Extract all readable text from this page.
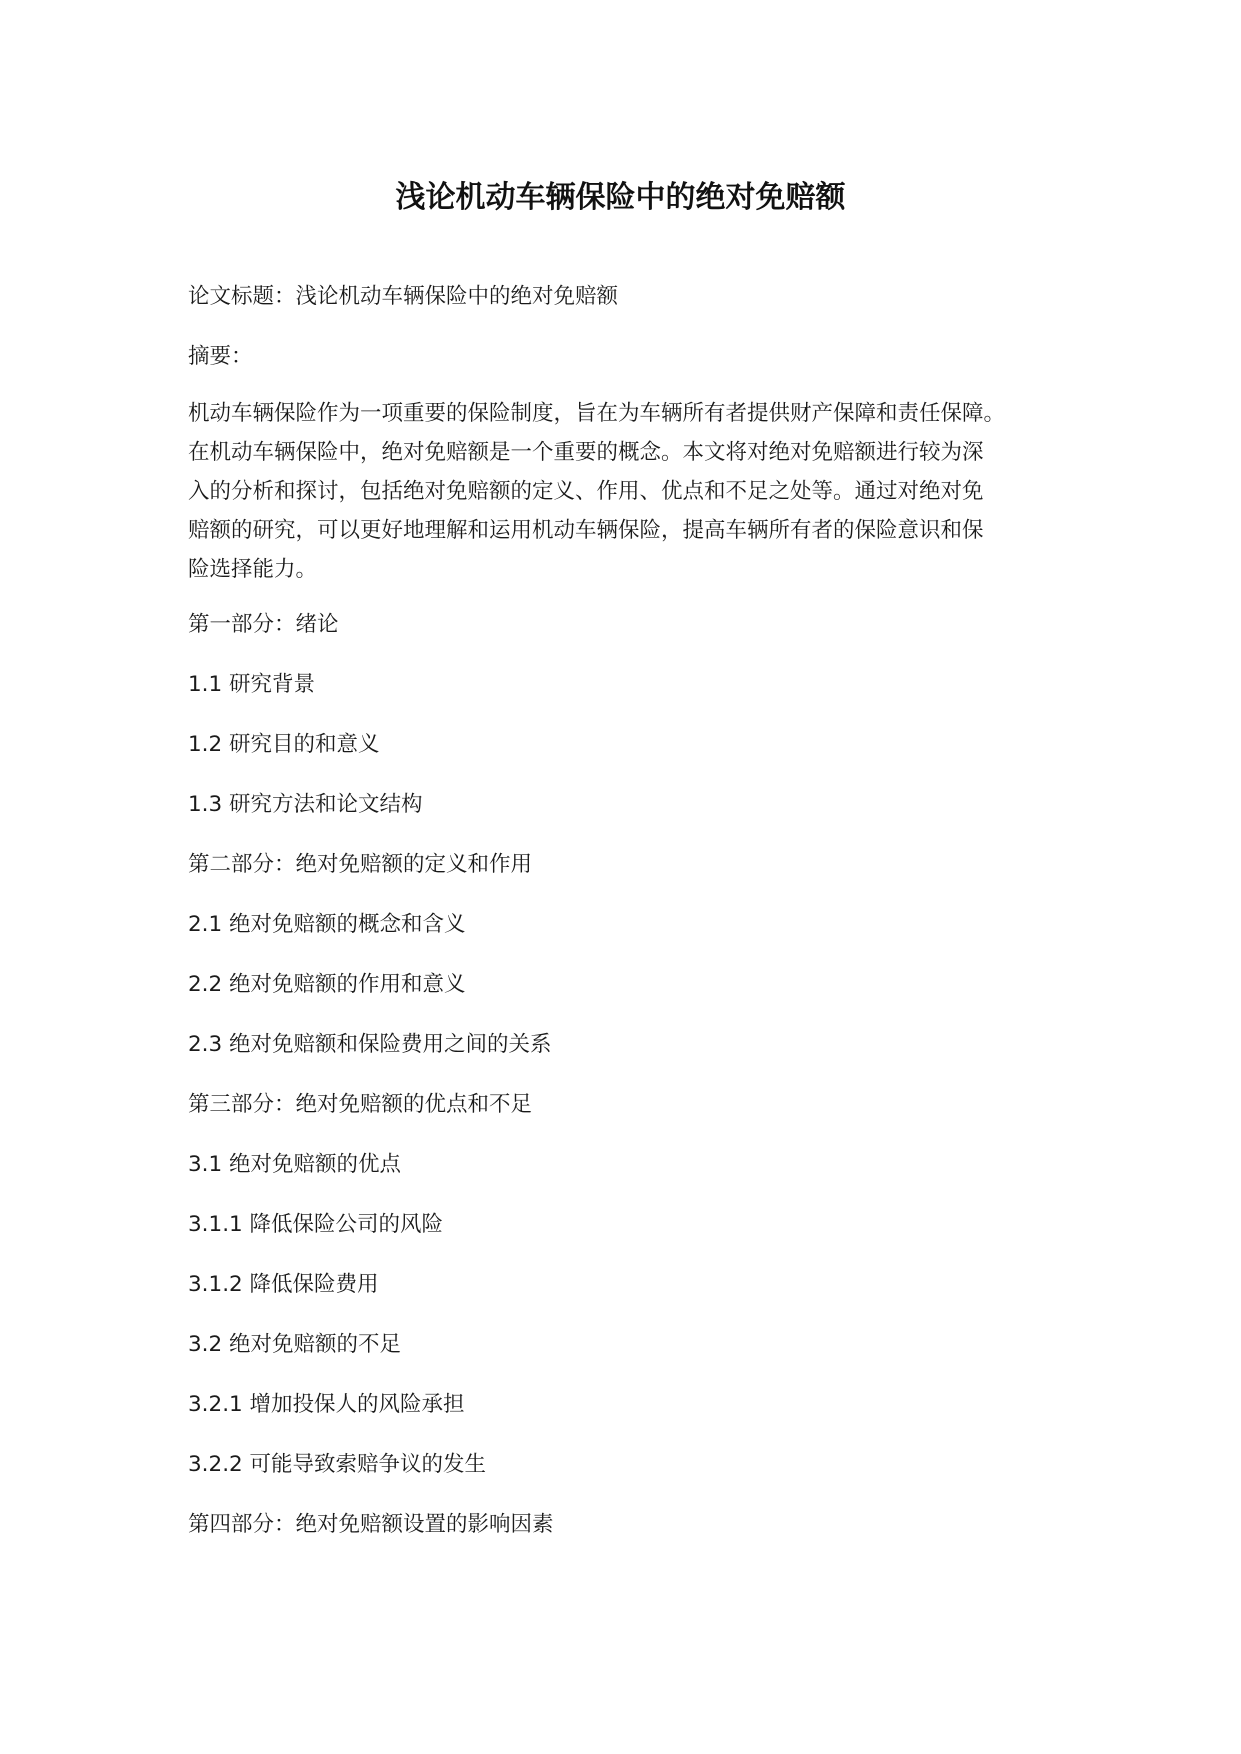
浅论机动车辆保险中的绝对免赔额

论文标题：浅论机动车辆保险中的绝对免赔额

摘要：

机动车辆保险作为一项重要的保险制度，旨在为车辆所有者提供财产保障和责任保障。
在机动车辆保险中，绝对免赔额是一个重要的概念。本文将对绝对免赔额进行较为深
入的分析和探讨，包括绝对免赔额的定义、作用、优点和不足之处等。通过对绝对免
赔额的研究，可以更好地理解和运用机动车辆保险，提高车辆所有者的保险意识和保
险选择能力。

第一部分：绪论

1.1 研究背景

1.2 研究目的和意义

1.3 研究方法和论文结构

第二部分：绝对免赔额的定义和作用

2.1 绝对免赔额的概念和含义

2.2 绝对免赔额的作用和意义

2.3 绝对免赔额和保险费用之间的关系

第三部分：绝对免赔额的优点和不足

3.1 绝对免赔额的优点

3.1.1 降低保险公司的风险

3.1.2 降低保险费用

3.2 绝对免赔额的不足

3.2.1 增加投保人的风险承担

3.2.2 可能导致索赔争议的发生

第四部分：绝对免赔额设置的影响因素
